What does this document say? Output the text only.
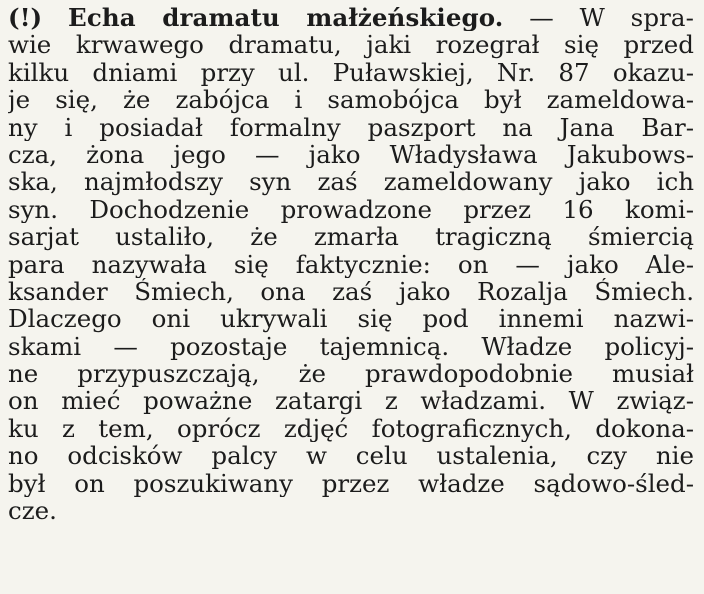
(!) Echa dramatu małżeńskiego. — W spra-
wie krwawego dramatu, jaki rozegrał się przed
kilku dniami przy ul. Puławskiej, Nr. 87 okazu-
je się, że zabójca i samobójca był zameldowa-
ny i posiadał formalny paszport na Jana Bar-
cza, żona jego — jako Władysława Jakubows-
ska, najmłodszy syn zaś zameldowany jako ich
syn. Dochodzenie prowadzone przez 16 komi-
sarjat ustaliło, że zmarła tragiczną śmiercią
para nazywała się faktycznie: on — jako Ale-
ksander Śmiech, ona zaś jako Rozalja Śmiech.
Dlaczego oni ukrywali się pod innemi nazwi-
skami — pozostaje tajemnicą. Władze policyj-
ne przypuszczają, że prawdopodobnie musiał
on mieć poważne zatargi z władzami. W związ-
ku z tem, oprócz zdjęć fotograficznych, dokona-
no odcisków palcy w celu ustalenia, czy nie
był on poszukiwany przez władze sądowo-śled-
cze.
